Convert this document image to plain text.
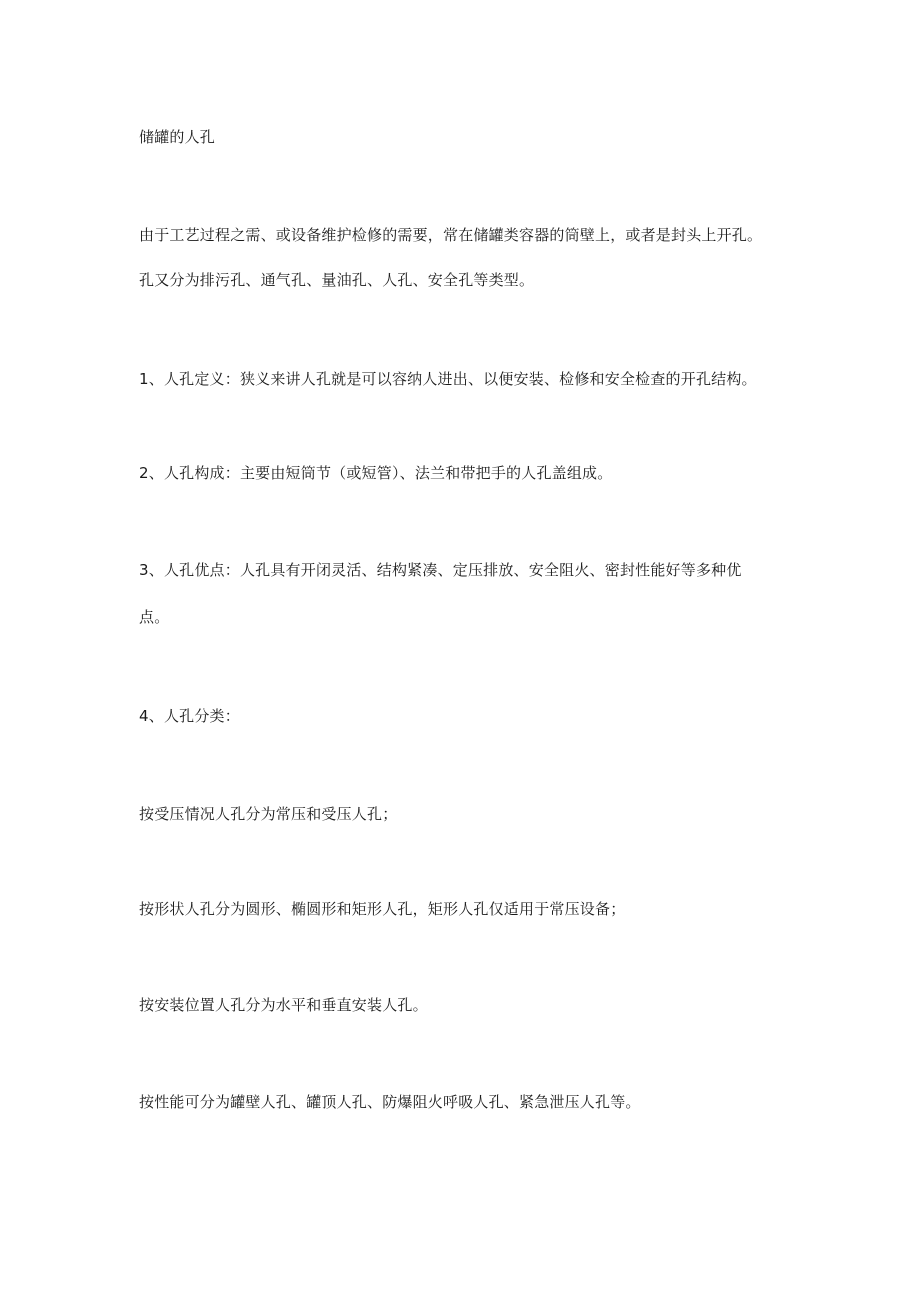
储罐的人孔
由于工艺过程之需、或设备维护检修的需要，常在储罐类容器的筒壁上，或者是封头上开孔。
孔又分为排污孔、通气孔、量油孔、人孔、安全孔等类型。
1、人孔定义：狭义来讲人孔就是可以容纳人进出、以便安装、检修和安全检查的开孔结构。
2、人孔构成：主要由短筒节（或短管）、法兰和带把手的人孔盖组成。
3、人孔优点：人孔具有开闭灵活、结构紧凑、定压排放、安全阻火、密封性能好等多种优
点。
4、人孔分类：
按受压情况人孔分为常压和受压人孔；
按形状人孔分为圆形、椭圆形和矩形人孔，矩形人孔仅适用于常压设备；
按安装位置人孔分为水平和垂直安装人孔。
按性能可分为罐壁人孔、罐顶人孔、防爆阻火呼吸人孔、紧急泄压人孔等。
